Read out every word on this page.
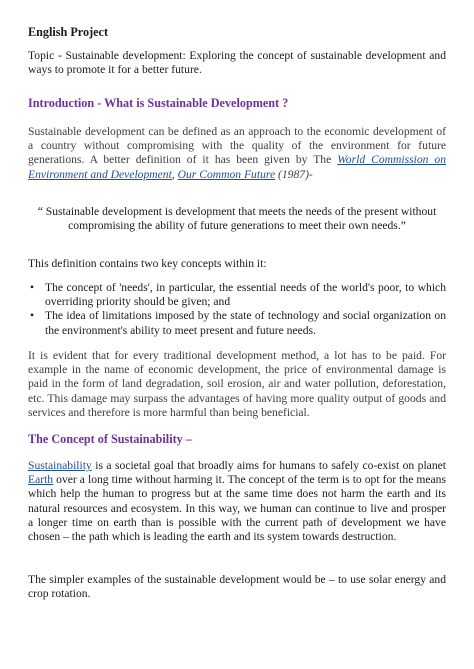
English Project

Topic - Sustainable development: Exploring the concept of sustainable development and ways to promote it for a better future.

Introduction - What is Sustainable Development ?

Sustainable development can be defined as an approach to the economic development of a country without compromising with the quality of the environment for future generations. A better definition of it has been given by The World Commission on Environment and Development, Our Common Future (1987)-

“ Sustainable development is development that meets the needs of the present without compromising the ability of future generations to meet their own needs.”

This definition contains two key concepts within it:

• The concept of 'needs', in particular, the essential needs of the world's poor, to which overriding priority should be given; and
• The idea of limitations imposed by the state of technology and social organization on the environment's ability to meet present and future needs.

It is evident that for every traditional development method, a lot has to be paid. For example in the name of economic development, the price of environmental damage is paid in the form of land degradation, soil erosion, air and water pollution, deforestation, etc. This damage may surpass the advantages of having more quality output of goods and services and therefore is more harmful than being beneficial.

The Concept of Sustainability –

Sustainability is a societal goal that broadly aims for humans to safely co-exist on planet Earth over a long time without harming it. The concept of the term is to opt for the means which help the human to progress but at the same time does not harm the earth and its natural resources and ecosystem. In this way, we human can continue to live and prosper a longer time on earth than is possible with the current path of development we have chosen – the path which is leading the earth and its system towards destruction.

The simpler examples of the sustainable development would be – to use solar energy and crop rotation.
